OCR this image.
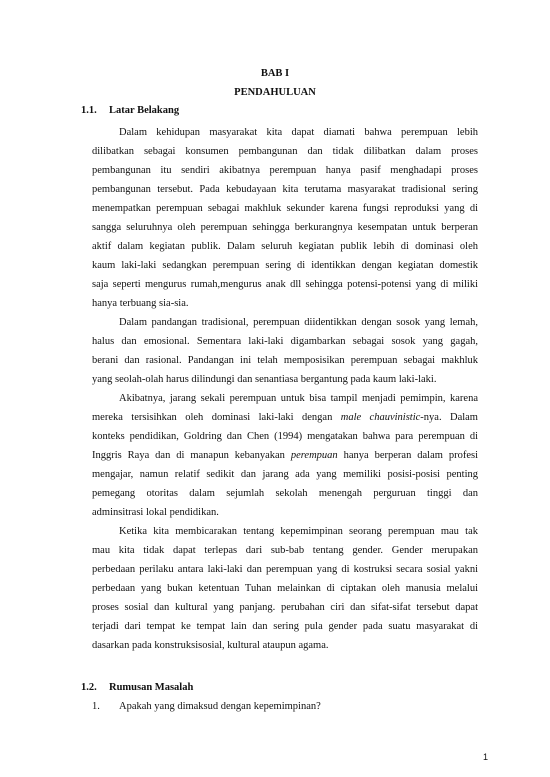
BAB I
PENDAHULUAN
1.1. Latar Belakang
Dalam kehidupan masyarakat kita dapat diamati bahwa perempuan lebih
dilibatkan sebagai konsumen pembangunan dan tidak dilibatkan dalam proses
pembangunan itu sendiri akibatnya perempuan hanya pasif menghadapi proses
pembangunan tersebut. Pada kebudayaan kita terutama masyarakat tradisional sering
menempatkan perempuan sebagai makhluk sekunder karena fungsi reproduksi yang di
sangga seluruhnya oleh perempuan sehingga berkurangnya kesempatan untuk berperan
aktif dalam kegiatan publik. Dalam seluruh kegiatan publik lebih di dominasi oleh
kaum laki-laki sedangkan perempuan sering di identikkan dengan kegiatan domestik
saja seperti mengurus rumah,mengurus anak dll sehingga potensi-potensi yang di miliki
hanya terbuang sia-sia.
Dalam pandangan tradisional, perempuan diidentikkan dengan sosok yang lemah,
halus dan emosional. Sementara laki-laki digambarkan sebagai sosok yang gagah,
berani dan rasional. Pandangan ini telah memposisikan perempuan sebagai makhluk
yang seolah-olah harus dilindungi dan senantiasa bergantung pada kaum laki-laki.
Akibatnya, jarang sekali perempuan untuk bisa tampil menjadi pemimpin, karena
mereka tersisihkan oleh dominasi laki-laki dengan male chauvinistic-nya. Dalam
konteks pendidikan, Goldring dan Chen (1994) mengatakan bahwa para perempuan di
Inggris Raya dan di manapun kebanyakan perempuan hanya berperan dalam profesi
mengajar, namun relatif sedikit dan jarang ada yang memiliki posisi-posisi penting
pemegang otoritas dalam sejumlah sekolah menengah perguruan tinggi dan
adminsitrasi lokal pendidikan.
Ketika kita membicarakan tentang kepemimpinan seorang perempuan mau tak
mau kita tidak dapat terlepas dari sub-bab tentang gender. Gender merupakan
perbedaan perilaku antara laki-laki dan perempuan yang di kostruksi secara sosial yakni
perbedaan yang bukan ketentuan Tuhan melainkan di ciptakan oleh manusia melalui
proses sosial dan kultural yang panjang. perubahan ciri dan sifat-sifat tersebut dapat
terjadi dari tempat ke tempat lain dan sering pula gender pada suatu masyarakat di
dasarkan pada konstruksisosial, kultural ataupun agama.
1.2. Rumusan Masalah
1. Apakah yang dimaksud dengan kepemimpinan?
1
